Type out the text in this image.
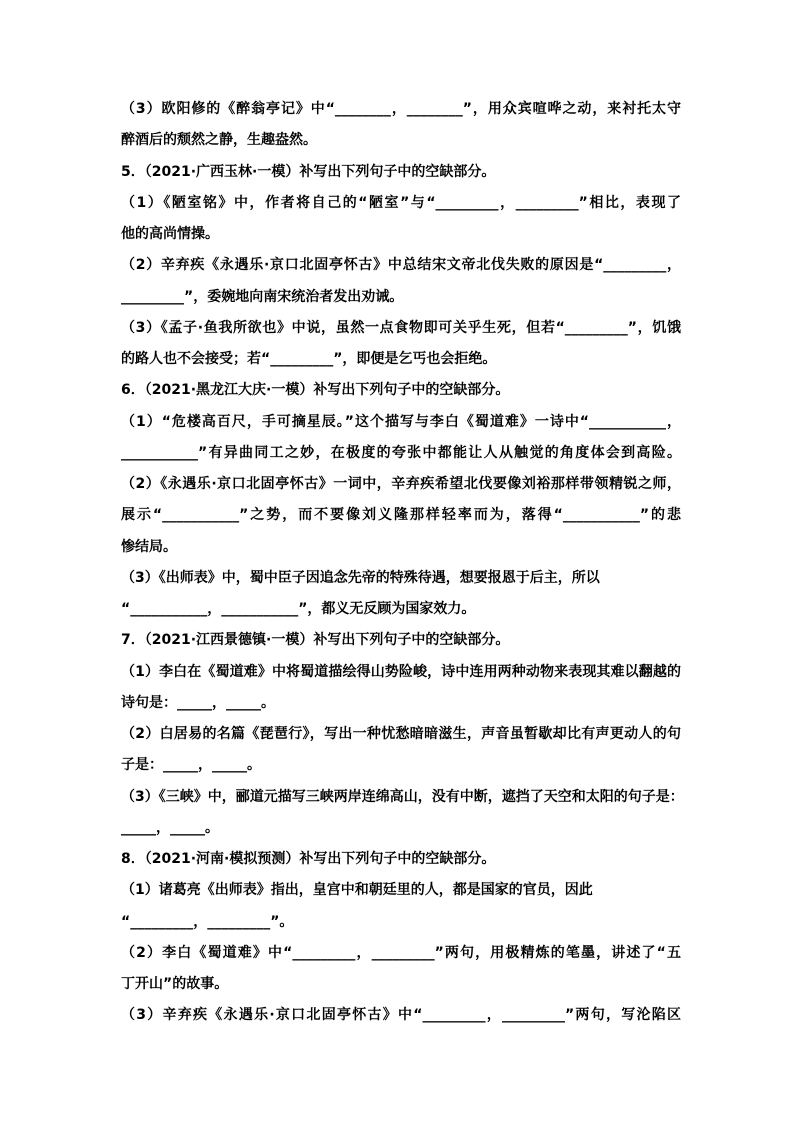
（3）欧阳修的《醉翁亭记》中“________，________”，用众宾喧哗之动，来衬托太守
醉酒后的颓然之静，生趣盎然。
5．（2021·广西玉林·一模）补写出下列句子中的空缺部分。
（1）《陋室铭》中，作者将自己的“陋室”与“_________，_________”相比，表现了
他的高尚情操。
（2）辛弃疾《永遇乐·京口北固亭怀古》中总结宋文帝北伐失败的原因是“_________，
_________”，委婉地向南宋统治者发出劝诫。
（3）《孟子·鱼我所欲也》中说，虽然一点食物即可关乎生死，但若“_________”，饥饿
的路人也不会接受；若“_________”，即便是乞丐也会拒绝。
6．（2021·黑龙江大庆·一模）补写出下列句子中的空缺部分。
（1）“危楼高百尺，手可摘星辰。”这个描写与李白《蜀道难》一诗中“___________，
___________”有异曲同工之妙，在极度的夸张中都能让人从触觉的角度体会到高险。
（2）《永遇乐·京口北固亭怀古》一词中，辛弃疾希望北伐要像刘裕那样带领精锐之师，
展示“___________”之势，而不要像刘义隆那样轻率而为，落得“___________”的悲
惨结局。
（3）《出师表》中，蜀中臣子因追念先帝的特殊待遇，想要报恩于后主，所以
“___________，___________”，都义无反顾为国家效力。
7．（2021·江西景德镇·一模）补写出下列句子中的空缺部分。
（1）李白在《蜀道难》中将蜀道描绘得山势险峻，诗中连用两种动物来表现其难以翻越的
诗句是：_____，_____。
（2）白居易的名篇《琵琶行》，写出一种忧愁暗暗滋生，声音虽暂歇却比有声更动人的句
子是：_____，_____。
（3）《三峡》中，郦道元描写三峡两岸连绵高山，没有中断，遮挡了天空和太阳的句子是：
_____，_____。
8．（2021·河南·模拟预测）补写出下列句子中的空缺部分。
（1）诸葛亮《出师表》指出，皇宫中和朝廷里的人，都是国家的官员，因此
“_________，_________”。
（2）李白《蜀道难》中“_________，_________”两句，用极精炼的笔墨，讲述了“五
丁开山”的故事。
（3）辛弃疾《永遇乐·京口北固亭怀古》中“_________，_________”两句，写沦陷区
